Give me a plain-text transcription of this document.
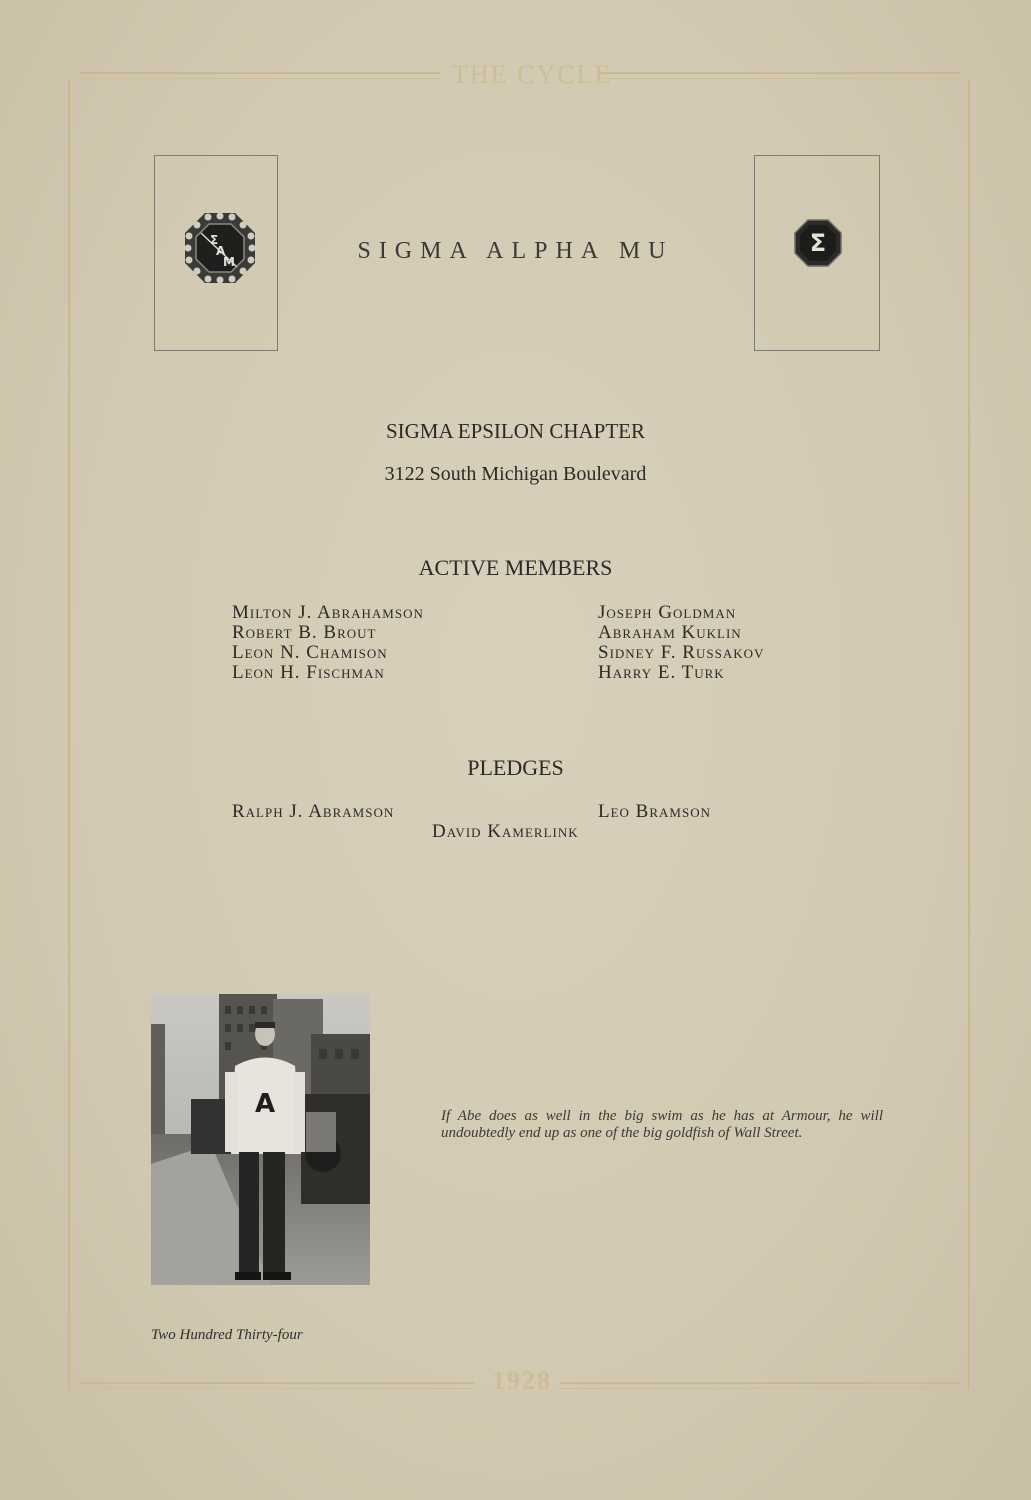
THE CYCLE
1928
Σ
Α
Μ	SIGMA ALPHA MU	Σ
SIGMA EPSILON CHAPTER
3122 South Michigan Boulevard
ACTIVE MEMBERS
Milton J. Abrahamson
Robert B. Brout
Leon N. Chamison
Leon H. Fischman
Joseph Goldman
Abraham Kuklin
Sidney F. Russakov
Harry E. Turk
PLEDGES
Ralph J. Abramson	Leo Bramson
David Kamerlink
A	If Abe does as well in the big swim as he has at Armour, he will undoubtedly end up as one of the big goldfish of Wall Street.

Two Hundred Thirty-four
